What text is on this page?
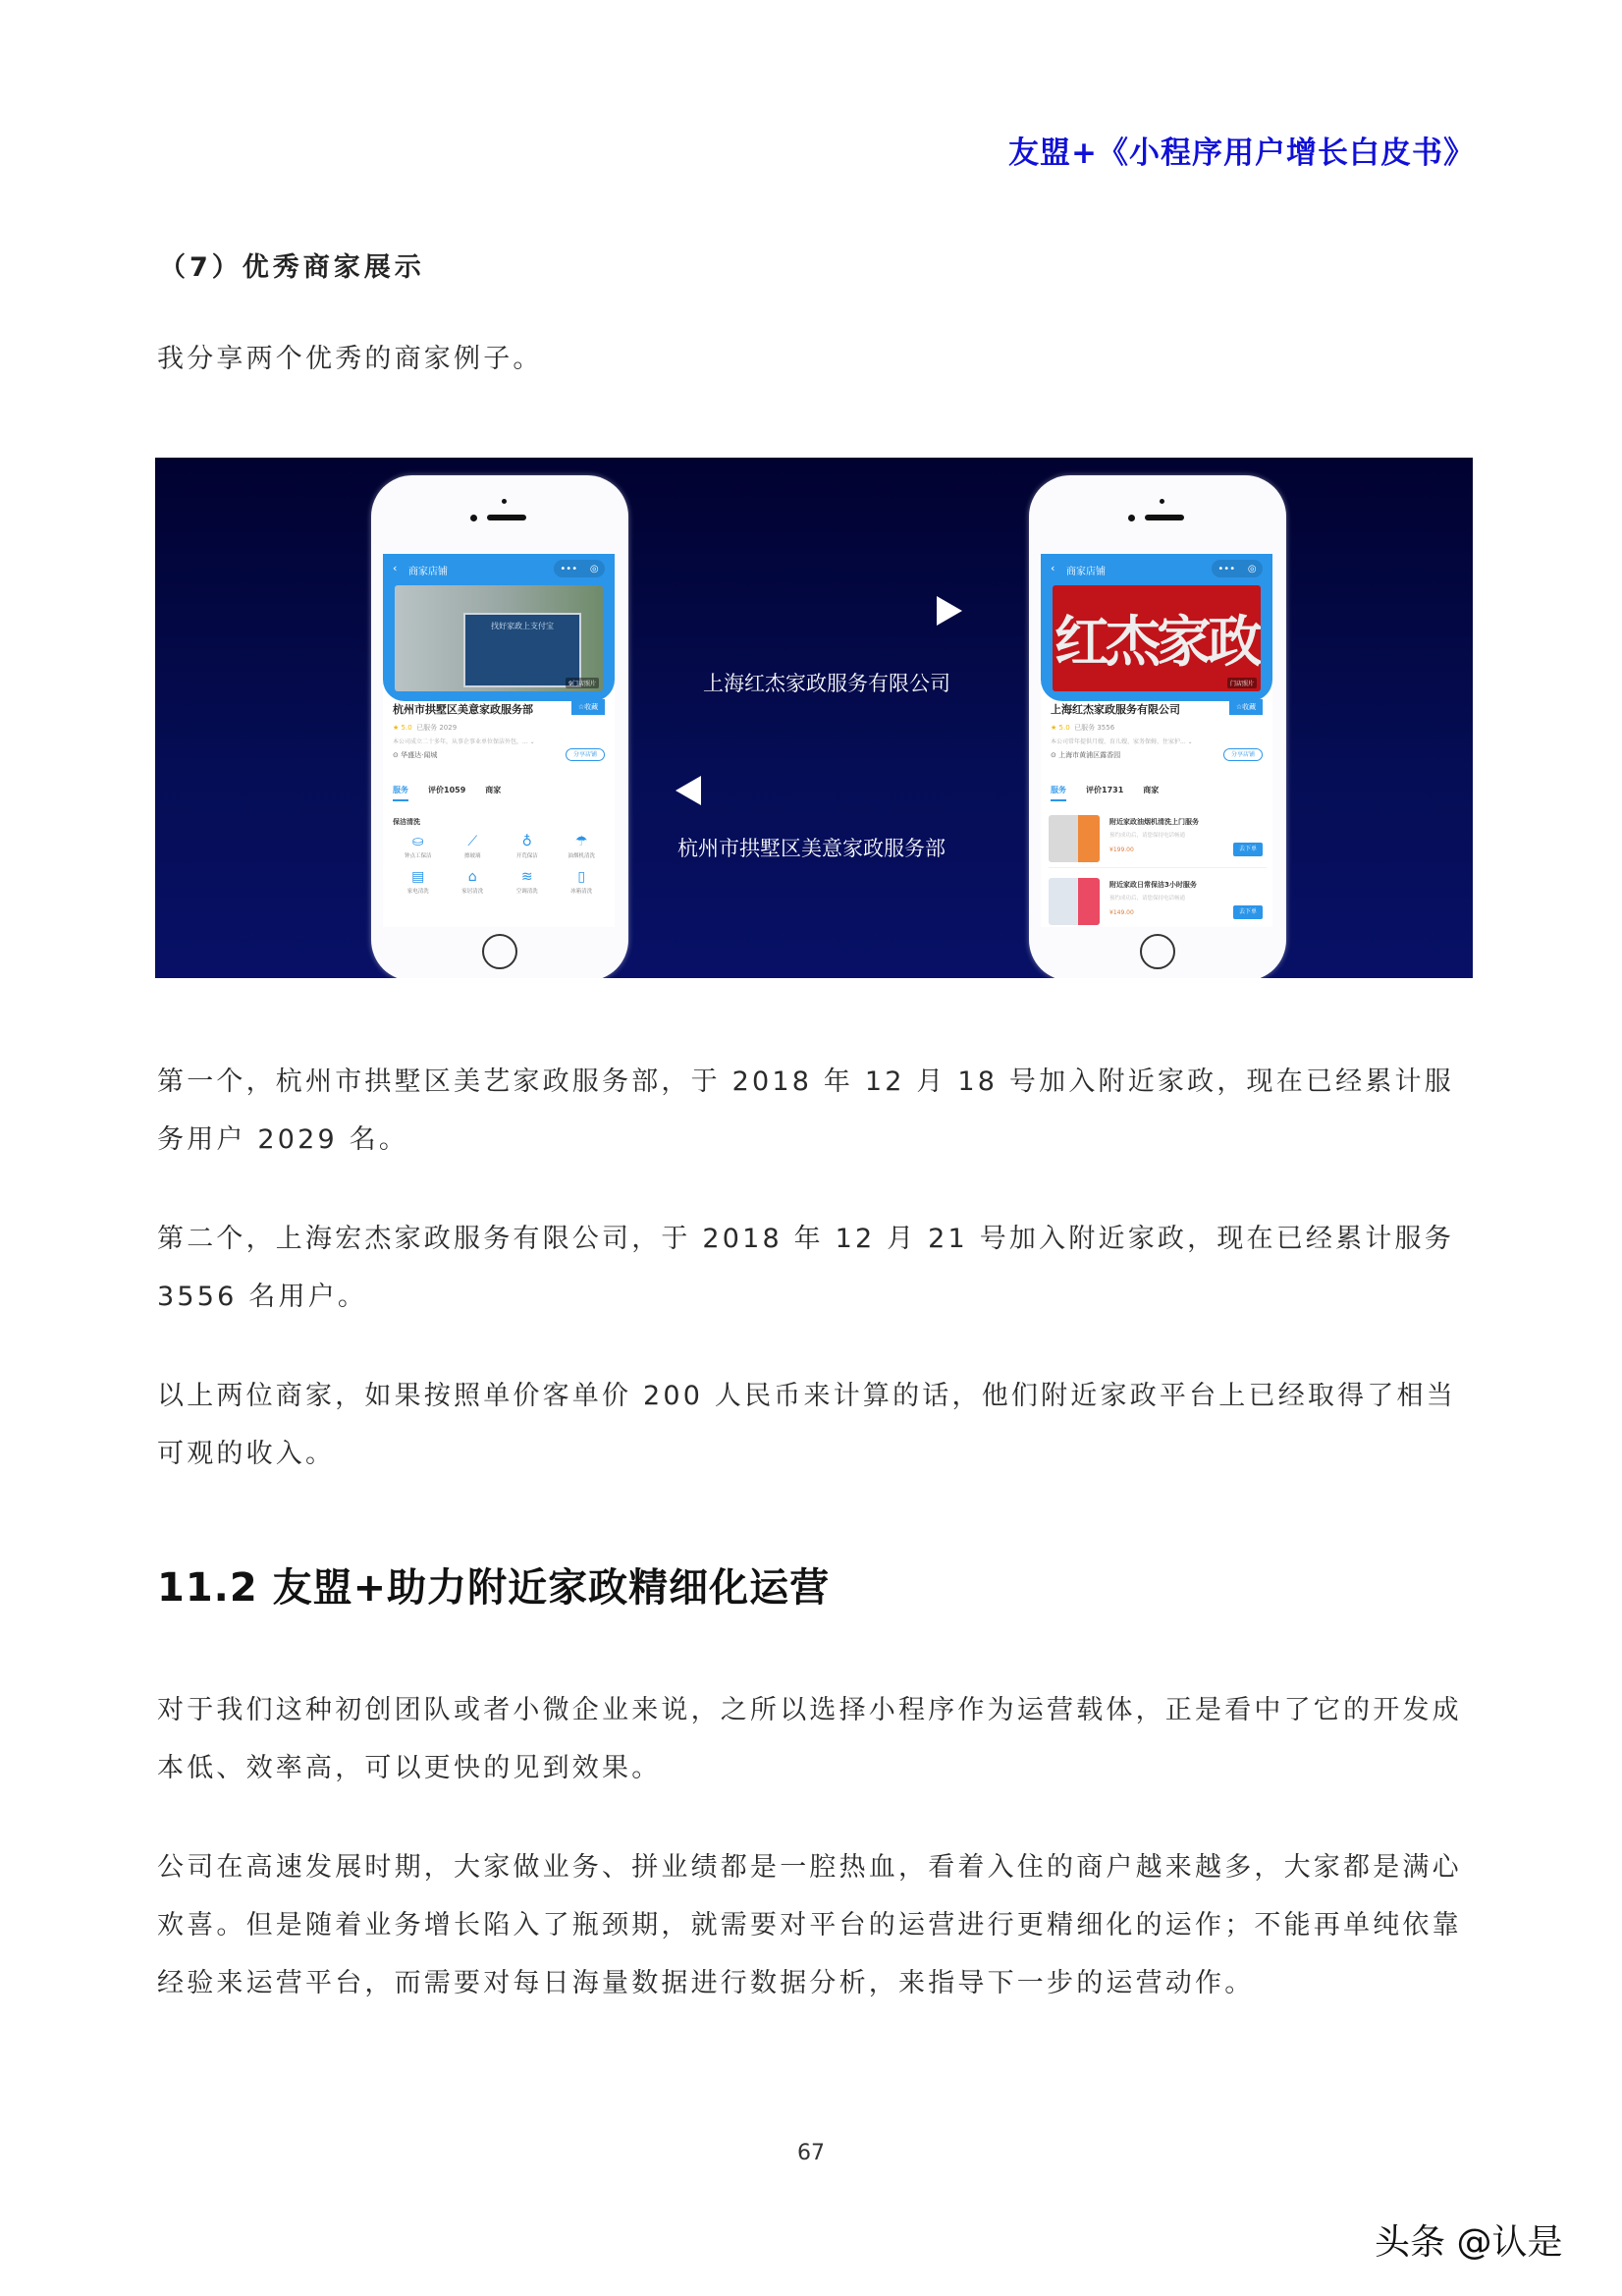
友盟+《小程序用户增长白皮书》
（7）优秀商家展示
我分享两个优秀的商家例子。
‹ 商家店铺	••• ◎
找好家政上支付宝
9门店照片
杭州市拱墅区美意家政服务部	☆收藏
★ 5.0 已服务 2029
本公司成立二十多年，从事企事业单位保洁外包，... ⌄
⊙ 华盛达·闻城	分享店铺
服务	评价1059	商家
保洁清洗
⛀
钟点工保洁
⟋
擦玻璃
♁
开荒保洁
☂
油烟机清洗
▤
家电清洗
⌂
家居清洗
≋
空调清洗
▯
冰箱清洗
上海红杰家政服务有限公司
杭州市拱墅区美意家政服务部
‹ 商家店铺	••• ◎
红杰家政
门店照片
上海红杰家政服务有限公司	☆收藏
★ 5.0 已服务 3556
本公司常年提供月嫂、育儿嫂、家务保姆、住家护... ⌄
⊙ 上海市黄浦区露香园	分享店铺
服务	评价1731	商家
附近家政油烟机清洗上门服务
预约成功后，请您保持电话畅通
¥199.00	去下单
附近家政日常保洁3小时服务
预约成功后，请您保持电话畅通
¥149.00	去下单
第一个，杭州市拱墅区美艺家政服务部，于 2018 年 12 月 18 号加入附近家政，现在已经累计服务用户 2029 名。
第二个，上海宏杰家政服务有限公司，于 2018 年 12 月 21 号加入附近家政，现在已经累计服务 3556 名用户。
以上两位商家，如果按照单价客单价 200 人民币来计算的话，他们附近家政平台上已经取得了相当可观的收入。
11.2 友盟+助力附近家政精细化运营
对于我们这种初创团队或者小微企业来说，之所以选择小程序作为运营载体，正是看中了它的开发成本低、效率高，可以更快的见到效果。
公司在高速发展时期，大家做业务、拼业绩都是一腔热血，看着入住的商户越来越多，大家都是满心欢喜。但是随着业务增长陷入了瓶颈期，就需要对平台的运营进行更精细化的运作；不能再单纯依靠经验来运营平台，而需要对每日海量数据进行数据分析，来指导下一步的运营动作。
67
头条 @认是
